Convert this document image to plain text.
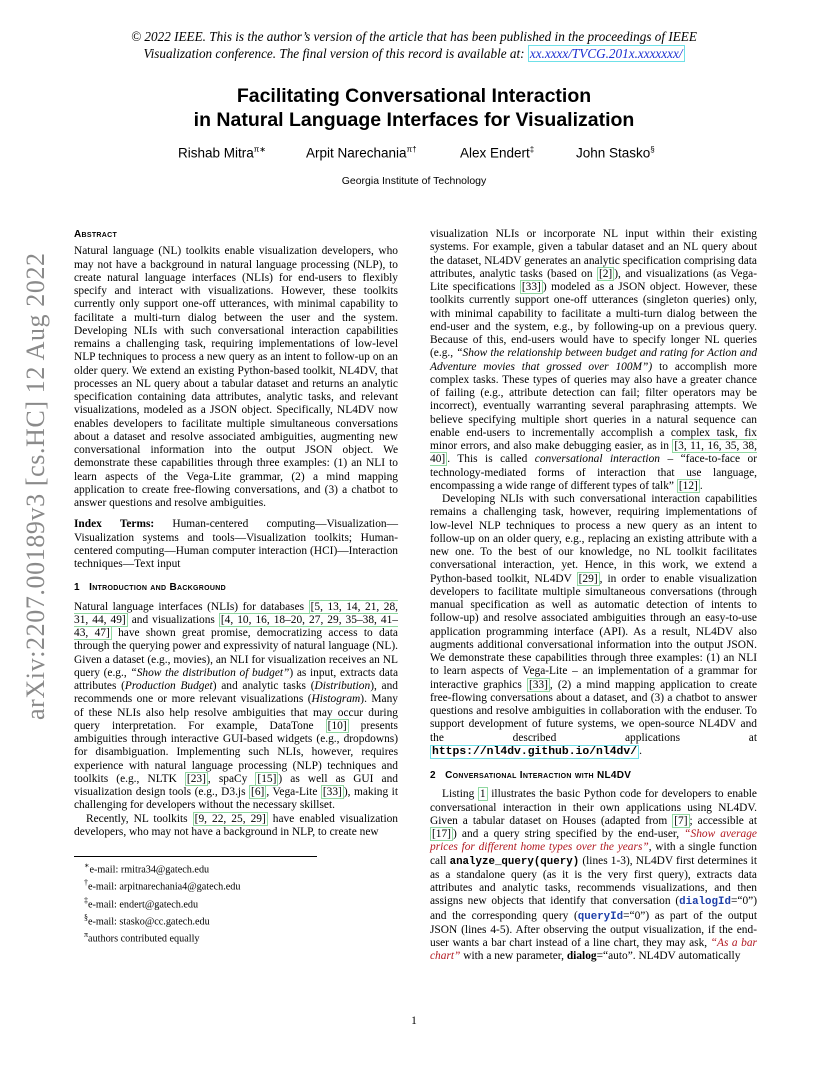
© 2022 IEEE. This is the author’s version of the article that has been published in the proceedings of IEEE
Visualization conference. The final version of this record is available at: xx.xxxx/TVCG.201x.xxxxxxx/
Facilitating Conversational Interaction
in Natural Language Interfaces for Visualization
Rishab Mitra$^{\pi∗}$	Arpit Narechania$^{\pi\dagger}$	Alex Endert‡	John Stasko§
Georgia Institute of Technology
arXiv:2207.00189v3 [cs.HC] 12 Aug 2022
Abstract

Natural language (NL) toolkits enable visualization developers, who may not have a background in natural language processing (NLP), to create natural language interfaces (NLIs) for end-users to flexibly specify and interact with visualizations. However, these toolkits currently only support one-off utterances, with minimal capability to facilitate a multi-turn dialog between the user and the system. Developing NLIs with such conversational interaction capabilities remains a challenging task, requiring implementations of low-level NLP techniques to process a new query as an intent to follow-up on an older query. We extend an existing Python-based toolkit, NL4DV, that processes an NL query about a tabular dataset and returns an analytic specification containing data attributes, analytic tasks, and relevant visualizations, modeled as a JSON object. Specifically, NL4DV now enables developers to facilitate multiple simultaneous conversations about a dataset and resolve associated ambiguities, augmenting new conversational information into the output JSON object. We demonstrate these capabilities through three examples: (1) an NLI to learn aspects of the Vega-Lite grammar, (2) a mind mapping application to create free-flowing conversations, and (3) a chatbot to answer questions and resolve ambiguities.

Index Terms: Human-centered computing—Visualization—Visualization systems and tools—Visualization toolkits; Human-centered computing—Human computer interaction (HCI)—Interaction techniques—Text input

1 Introduction and Background

Natural language interfaces (NLIs) for databases [5, 13, 14, 21, 28, 31, 44, 49] and visualizations [4, 10, 16, 18–20, 27, 29, 35–38, 41–43, 47] have shown great promise, democratizing access to data through the querying power and expressivity of natural language (NL). Given a dataset (e.g., movies), an NLI for visualization receives an NL query (e.g., “Show the distribution of budget”) as input, extracts data attributes (Production Budget) and analytic tasks (Distribution), and recommends one or more relevant visualizations (Histogram). Many of these NLIs also help resolve ambiguities that may occur during query interpretation. For example, DataTone [10] presents ambiguities through interactive GUI-based widgets (e.g., dropdowns) for disambiguation. Implementing such NLIs, however, requires experience with natural language processing (NLP) techniques and toolkits (e.g., NLTK [23] , spaCy [15] ) as well as GUI and visualization design tools (e.g., D3.js [6] , Vega-Lite [33] ), making it challenging for developers without the necessary skillset.

Recently, NL toolkits [9, 22, 25, 29] have enabled visualization developers, who may not have a background in NLP, to create new

∗e-mail: rmitra34@gatech.edu
†e-mail: arpitnarechania4@gatech.edu
‡e-mail: endert@gatech.edu
§e-mail: stasko@cc.gatech.edu
$^\pi$authors contributed equally

visualization NLIs or incorporate NL input within their existing systems. For example, given a tabular dataset and an NL query about the dataset, NL4DV generates an analytic specification comprising data attributes, analytic tasks (based on [2] ), and visualizations (as Vega-Lite specifications [33] ) modeled as a JSON object. However, these toolkits currently support one-off utterances (singleton queries) only, with minimal capability to facilitate a multi-turn dialog between the end-user and the system, e.g., by following-up on a previous query. Because of this, end-users would have to specify longer NL queries (e.g., “Show the relationship between budget and rating for Action and Adventure movies that grossed over 100M”) to accomplish more complex tasks. These types of queries may also have a greater chance of failing (e.g., attribute detection can fail; filter operators may be incorrect), eventually warranting several paraphrasing attempts. We believe specifying multiple short queries in a natural sequence can enable end-users to incrementally accomplish a complex task, fix minor errors, and also make debugging easier, as in [3, 11, 16, 35, 38, 40] . This is called conversational interaction – “face-to-face or technology-mediated forms of interaction that use language, encompassing a wide range of different types of talk” [12] .

Developing NLIs with such conversational interaction capabilities remains a challenging task, however, requiring implementations of low-level NLP techniques to process a new query as an intent to follow-up on an older query, e.g., replacing an existing attribute with a new one. To the best of our knowledge, no NL toolkit facilitates conversational interaction, yet. Hence, in this work, we extend a Python-based toolkit, NL4DV [29] , in order to enable visualization developers to facilitate multiple simultaneous conversations (through manual specification as well as automatic detection of intents to follow-up) and resolve associated ambiguities through an easy-to-use application programming interface (API). As a result, NL4DV also augments additional conversational information into the output JSON. We demonstrate these capabilities through three examples: (1) an NLI to learn aspects of Vega-Lite – an implementation of a grammar for interactive graphics [33] , (2) a mind mapping application to create free-flowing conversations about a dataset, and (3) a chatbot to answer questions and resolve ambiguities in collaboration with the enduser. To support development of future systems, we open-source NL4DV and the described applications at https://nl4dv.github.io/nl4dv/ .

2 Conversational Interaction with NL4DV

Listing 1 illustrates the basic Python code for developers to enable conversational interaction in their own applications using NL4DV. Given a tabular dataset on Houses (adapted from [7] ; accessible at [17] ) and a query string specified by the end-user, “Show average prices for different home types over the years”, with a single function call analyze_query(query) (lines 1-3), NL4DV first determines it as a standalone query (as it is the very first query), extracts data attributes and analytic tasks, recommends visualizations, and then assigns new objects that identify that conversation (dialogId=“0”) and the corresponding query (queryId=“0”) as part of the output JSON (lines 4-5). After observing the output visualization, if the end-user wants a bar chart instead of a line chart, they may ask, “As a bar chart” with a new parameter, dialog=“auto”. NL4DV automatically

1
